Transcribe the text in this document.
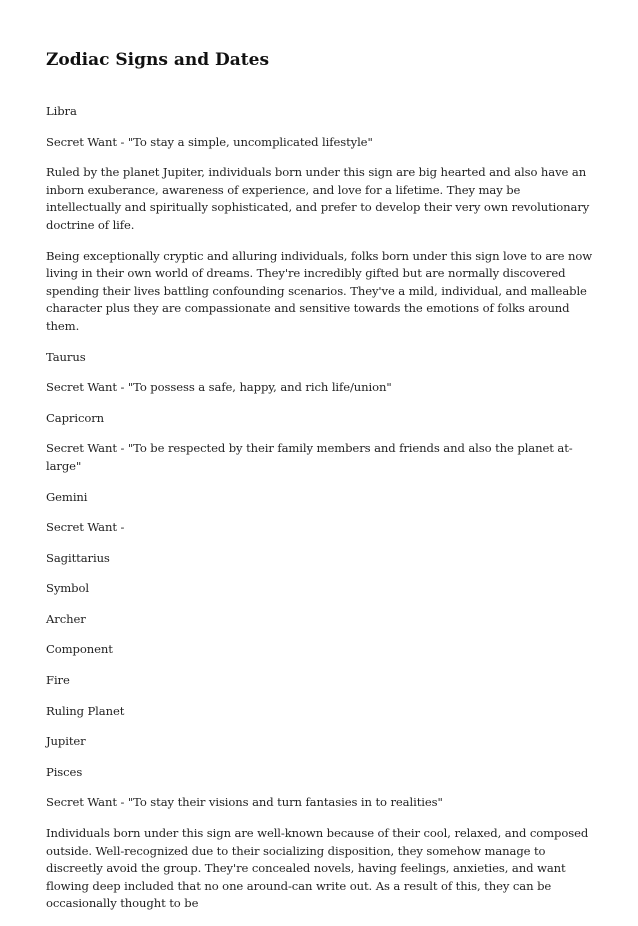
Zodiac Signs and Dates

Libra

Secret Want - "To stay a simple, uncomplicated lifestyle"

Ruled by the planet Jupiter, individuals born under this sign are big hearted and also have an inborn exuberance, awareness of experience, and love for a lifetime. They may be intellectually and spiritually sophisticated, and prefer to develop their very own revolutionary doctrine of life.

Being exceptionally cryptic and alluring individuals, folks born under this sign love to are now living in their own world of dreams. They're incredibly gifted but are normally discovered spending their lives battling confounding scenarios. They've a mild, individual, and malleable character plus they are compassionate and sensitive towards the emotions of folks around them.

Taurus

Secret Want - "To possess a safe, happy, and rich life/union"

Capricorn

Secret Want - "To be respected by their family members and friends and also the planet at-large"

Gemini

Secret Want -

Sagittarius

Symbol

Archer

Component

Fire

Ruling Planet

Jupiter

Pisces

Secret Want - "To stay their visions and turn fantasies in to realities"

Individuals born under this sign are well-known because of their cool, relaxed, and composed outside. Well-recognized due to their socializing disposition, they somehow manage to discreetly avoid the group. They're concealed novels, having feelings, anxieties, and want flowing deep included that no one around-can write out. As a result of this, they can be occasionally thought to be
